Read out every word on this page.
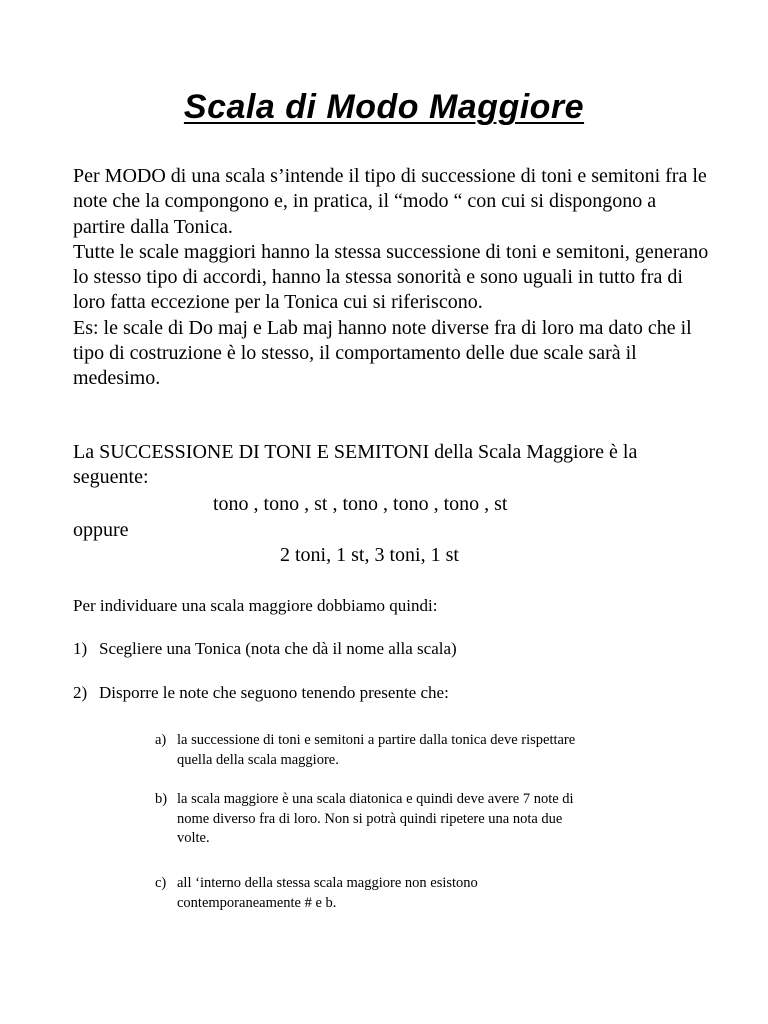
Scala di Modo Maggiore

Per MODO di una scala s’intende il tipo di successione di toni e semitoni fra le note che la compongono e, in pratica, il “modo “ con cui si dispongono a partire dalla Tonica.

Tutte le scale maggiori hanno la stessa successione di toni e semitoni, generano lo stesso tipo di accordi, hanno la stessa sonorità e sono uguali in tutto fra di loro fatta eccezione per la Tonica cui si riferiscono.

Es: le scale di Do maj e Lab maj hanno note diverse fra di loro ma dato che il tipo di costruzione è lo stesso, il comportamento delle due scale sarà il medesimo.

La SUCCESSIONE DI TONI E SEMITONI della Scala Maggiore è la seguente:

tono , tono , st , tono , tono , tono , st
oppure
2 toni, 1 st, 3 toni, 1 st
Per individuare una scala maggiore dobbiamo quindi:
1) Scegliere una Tonica (nota che dà il nome alla scala)
2) Disporre le note che seguono tenendo presente che:
a) la successione di toni e semitoni a partire dalla tonica deve rispettare quella della scala maggiore.
b) la scala maggiore è una scala diatonica e quindi deve avere 7 note di nome diverso fra di loro. Non si potrà quindi ripetere una nota due volte.
c) all ‘interno della stessa scala maggiore non esistono contemporaneamente # e b.
